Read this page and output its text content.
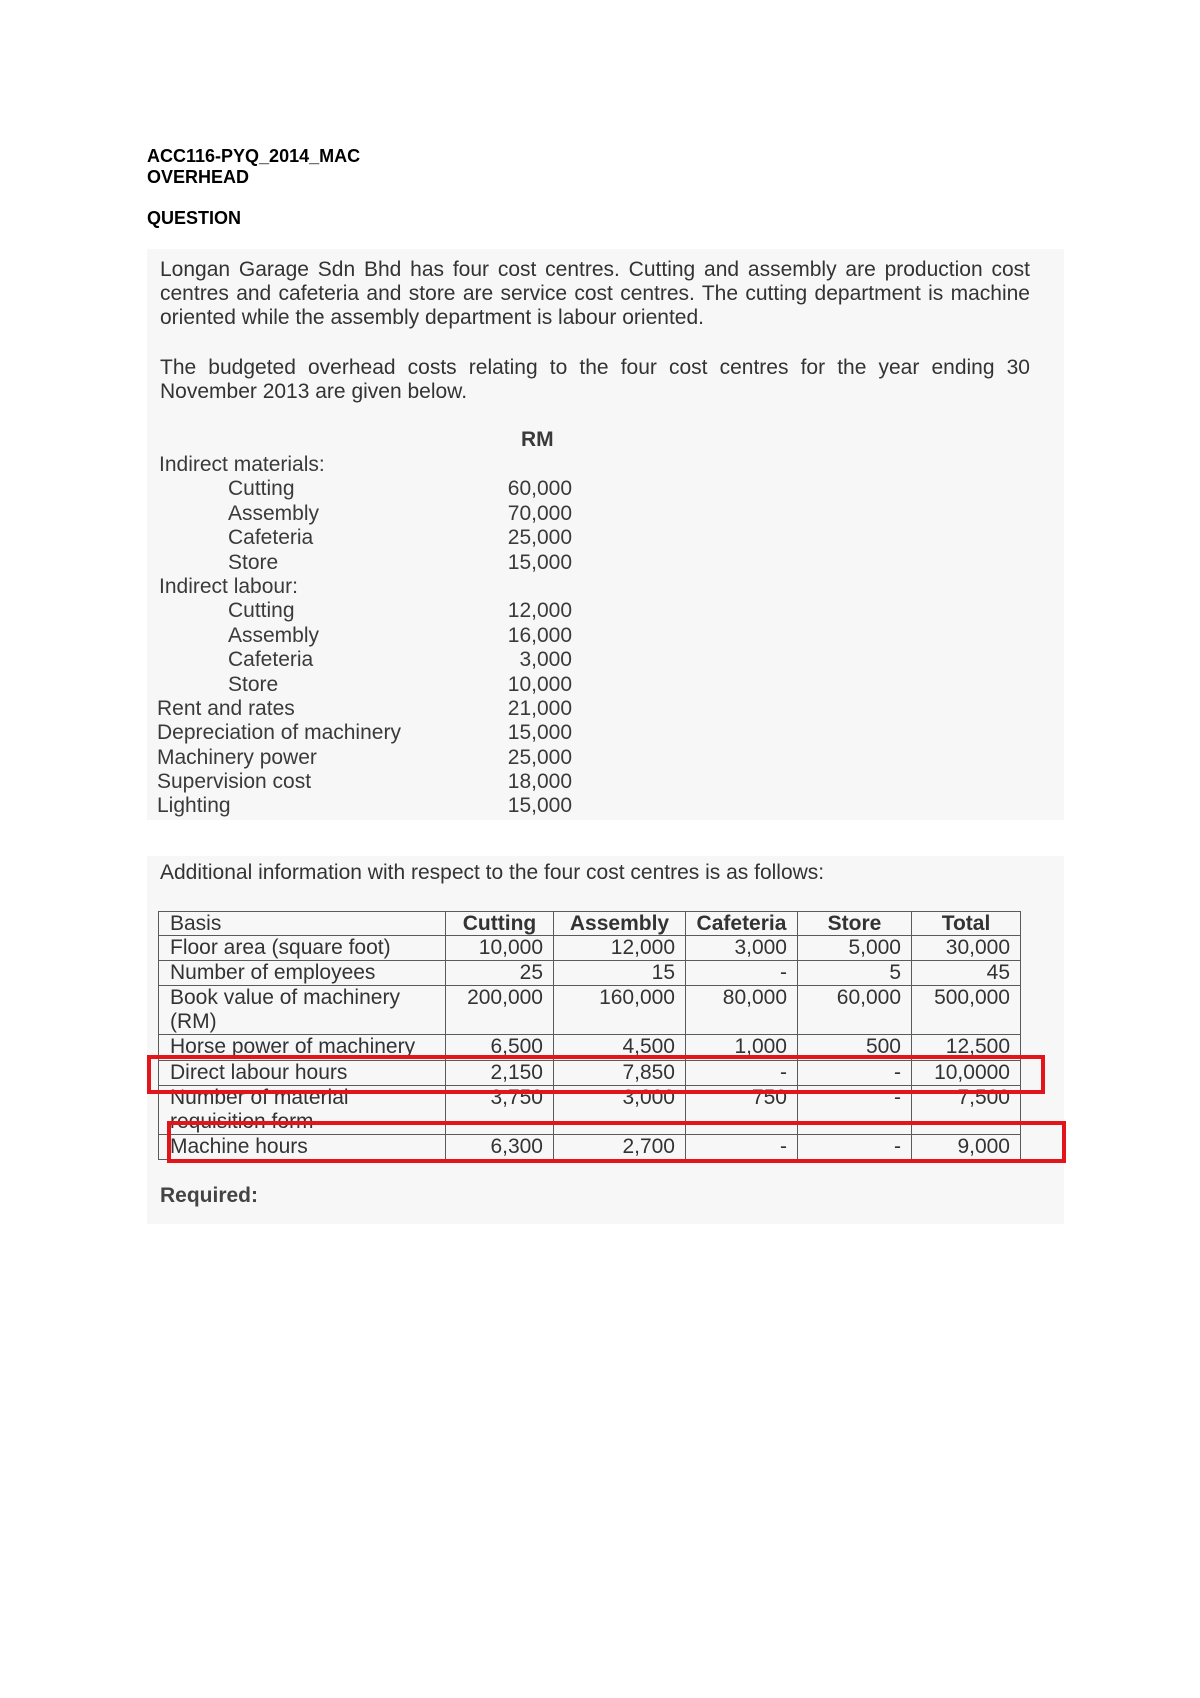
ACC116-PYQ_2014_MAC
OVERHEAD
QUESTION

Longan Garage Sdn Bhd has four cost centres. Cutting and assembly are production cost centres and cafeteria and store are service cost centres. The cutting department is machine oriented while the assembly department is labour oriented.

The budgeted overhead costs relating to the four cost centres for the year ending 30 November 2013 are given below.

RM
Indirect materials:
Cutting	60,000
Assembly	70,000
Cafeteria	25,000
Store	15,000
Indirect labour:
Cutting	12,000
Assembly	16,000
Cafeteria	3,000
Store	10,000
Rent and rates	21,000
Depreciation of machinery	15,000
Machinery power	25,000
Supervision cost	18,000
Lighting	15,000
Additional information with respect to the four cost centres is as follows:
Basis	Cutting	Assembly	Cafeteria	Store	Total
Floor area (square foot)	10,000	12,000	3,000	5,000	30,000
Number of employees	25	15	-	5	45
Book value of machinery (RM)
200,000	160,000	80,000	60,000	500,000
Horse power of machinery	6,500	4,500	1,000	500	12,500
Direct labour hours	2,150	7,850	-	-	10,0000
Number of material requisition form
3,750	3,000	750	-	7,500
Machine hours	6,300	2,700	-	-	9,000
Required:
